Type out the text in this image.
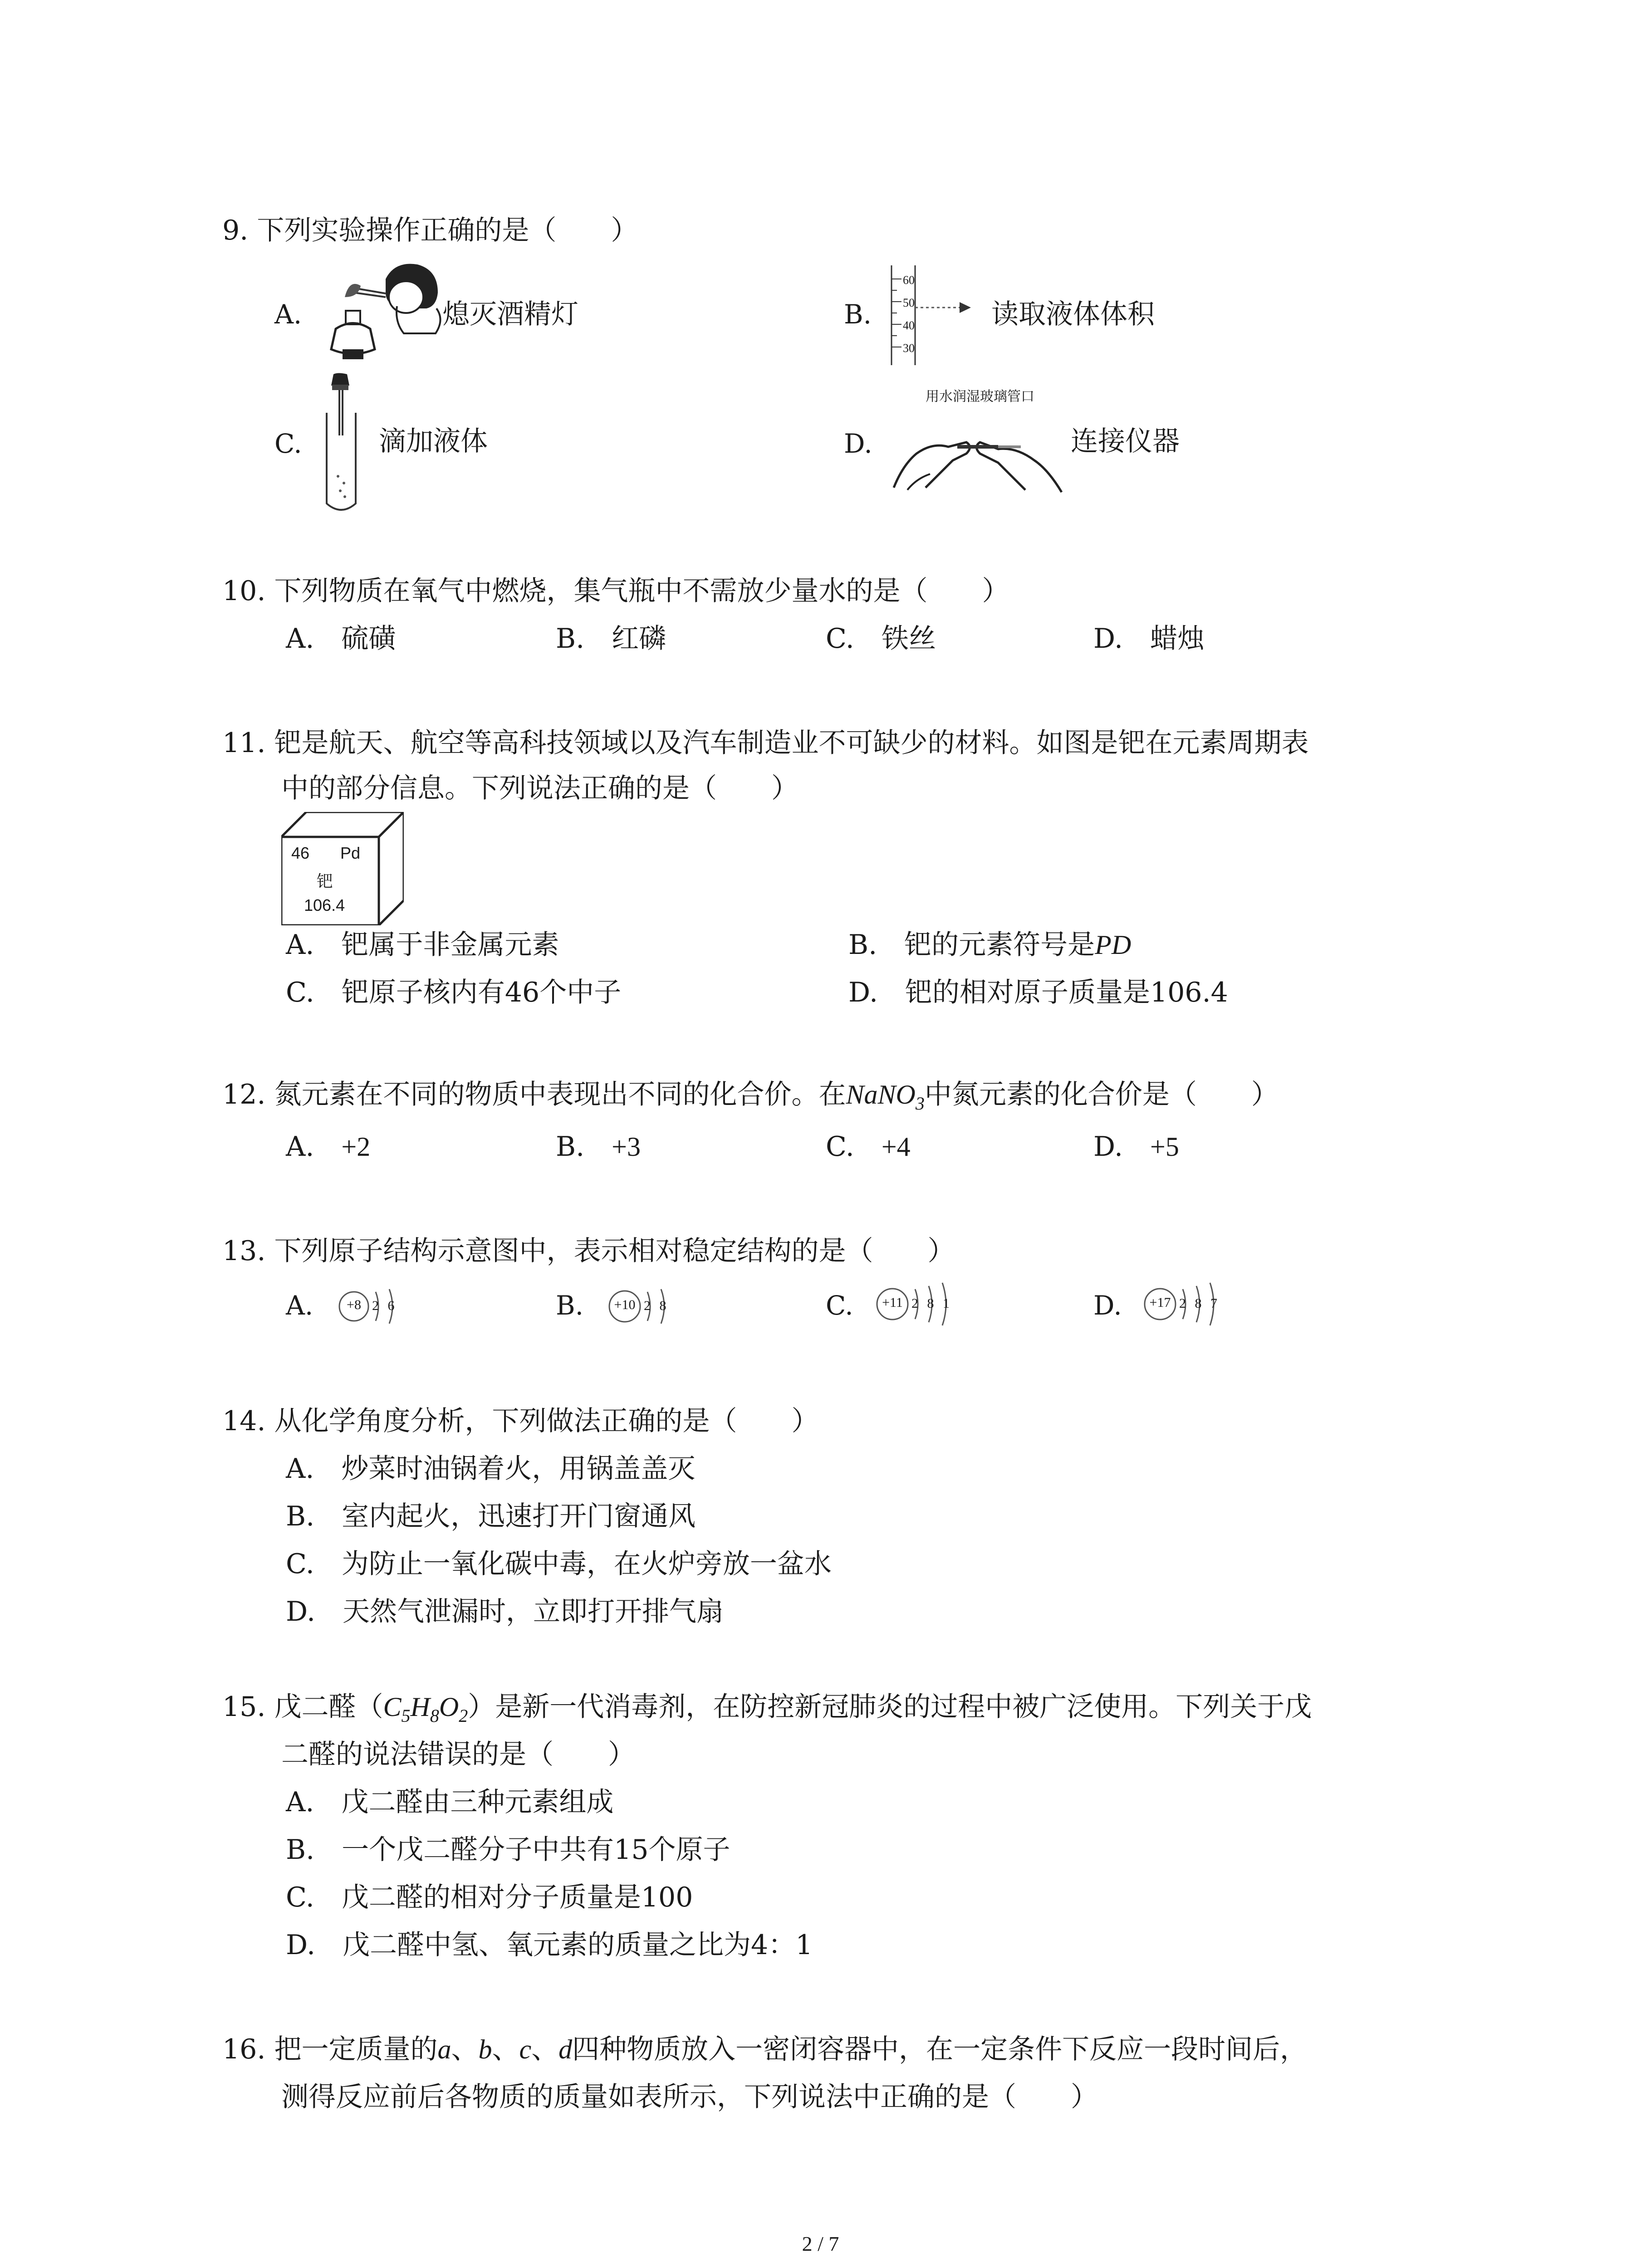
9. 下列实验操作正确的是（　　）
A.	熄灭酒精灯	B.
60
50
40
30
读取液体体积
C.	滴加液体	D.
用水润湿玻璃管口
连接仪器
10. 下列物质在氧气中燃烧，集气瓶中不需放少量水的是（　　）
A.　 硫磺	B.　 红磷	C.　 铁丝	D.　 蜡烛
11. 钯是航天、航空等高科技领域以及汽车制造业不可缺少的材料。如图是钯在元素周期表
中的部分信息。下列说法正确的是（　　）
46 Pd
钯
106.4
A.　 钯属于非金属元素	B.　 钯的元素符号是PD
C.　 钯原子核内有46个中子	D.　 钯的相对原子质量是106.4
12. 氮元素在不同的物质中表现出不同的化合价。在NaNO$_3$中氮元素的化合价是（　　）
A.　 +2	B.　 +3	C.　 +4	D.　 +5
13. 下列原子结构示意图中，表示相对稳定结构的是（　　）
A.	B.	C.	D.
+8 2 6	+10 2 8	+11 2 8 1	+17 2 8 7
14. 从化学角度分析，下列做法正确的是（　　）
A.　 炒菜时油锅着火，用锅盖盖灭
B.　 室内起火，迅速打开门窗通风
C.　 为防止一氧化碳中毒，在火炉旁放一盆水
D.　 天然气泄漏时，立即打开排气扇
15. 戊二醛$(C_5H_8O_2)$是新一代消毒剂，在防控新冠肺炎的过程中被广泛使用。下列关于戊
二醛的说法错误的是（　　）
A.　 戊二醛由三种元素组成
B.　 一个戊二醛分子中共有15个原子
C.　 戊二醛的相对分子质量是100
D.　 戊二醛中氢、氧元素的质量之比为4：1
16. 把一定质量的a、b、c、d四种物质放入一密闭容器中，在一定条件下反应一段时间后，
测得反应前后各物质的质量如表所示，下列说法中正确的是（　　）
2 / 7
